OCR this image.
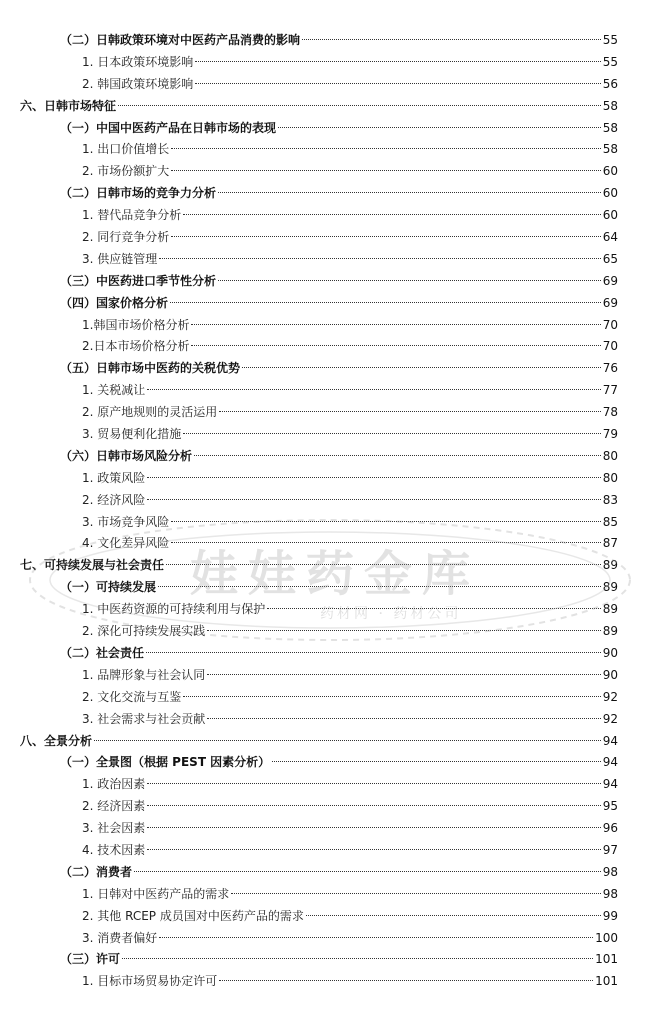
（二）日韩政策环境对中医药产品消费的影响	55
1. 日本政策环境影响	55
2. 韩国政策环境影响	56
六、日韩市场特征	58
（一）中国中医药产品在日韩市场的表现	58
1. 出口价值增长	58
2. 市场份额扩大	60
（二）日韩市场的竞争力分析	60
1. 替代品竞争分析	60
2. 同行竞争分析	64
3. 供应链管理	65
（三）中医药进口季节性分析	69
（四）国家价格分析	69
1.韩国市场价格分析	70
2.日本市场价格分析	70
（五）日韩市场中医药的关税优势	76
1. 关税减让	77
2. 原产地规则的灵活运用	78
3. 贸易便利化措施	79
（六）日韩市场风险分析	80
1. 政策风险	80
2. 经济风险	83
3. 市场竞争风险	85
4. 文化差异风险	87
七、可持续发展与社会责任	89
（一）可持续发展	89
1. 中医药资源的可持续利用与保护	89
2. 深化可持续发展实践	89
（二）社会责任	90
1. 品牌形象与社会认同	90
2. 文化交流与互鉴	92
3. 社会需求与社会贡献	92
八、全景分析	94
（一）全景图（根据 PEST 因素分析）	94
1. 政治因素	94
2. 经济因素	95
3. 社会因素	96
4. 技术因素	97
（二）消费者	98
1. 日韩对中医药产品的需求	98
2. 其他 RCEP 成员国对中医药产品的需求	99
3. 消费者偏好	100
（三）许可	101
1. 目标市场贸易协定许可	101
娃娃药金库
药材网 · 药材公司
